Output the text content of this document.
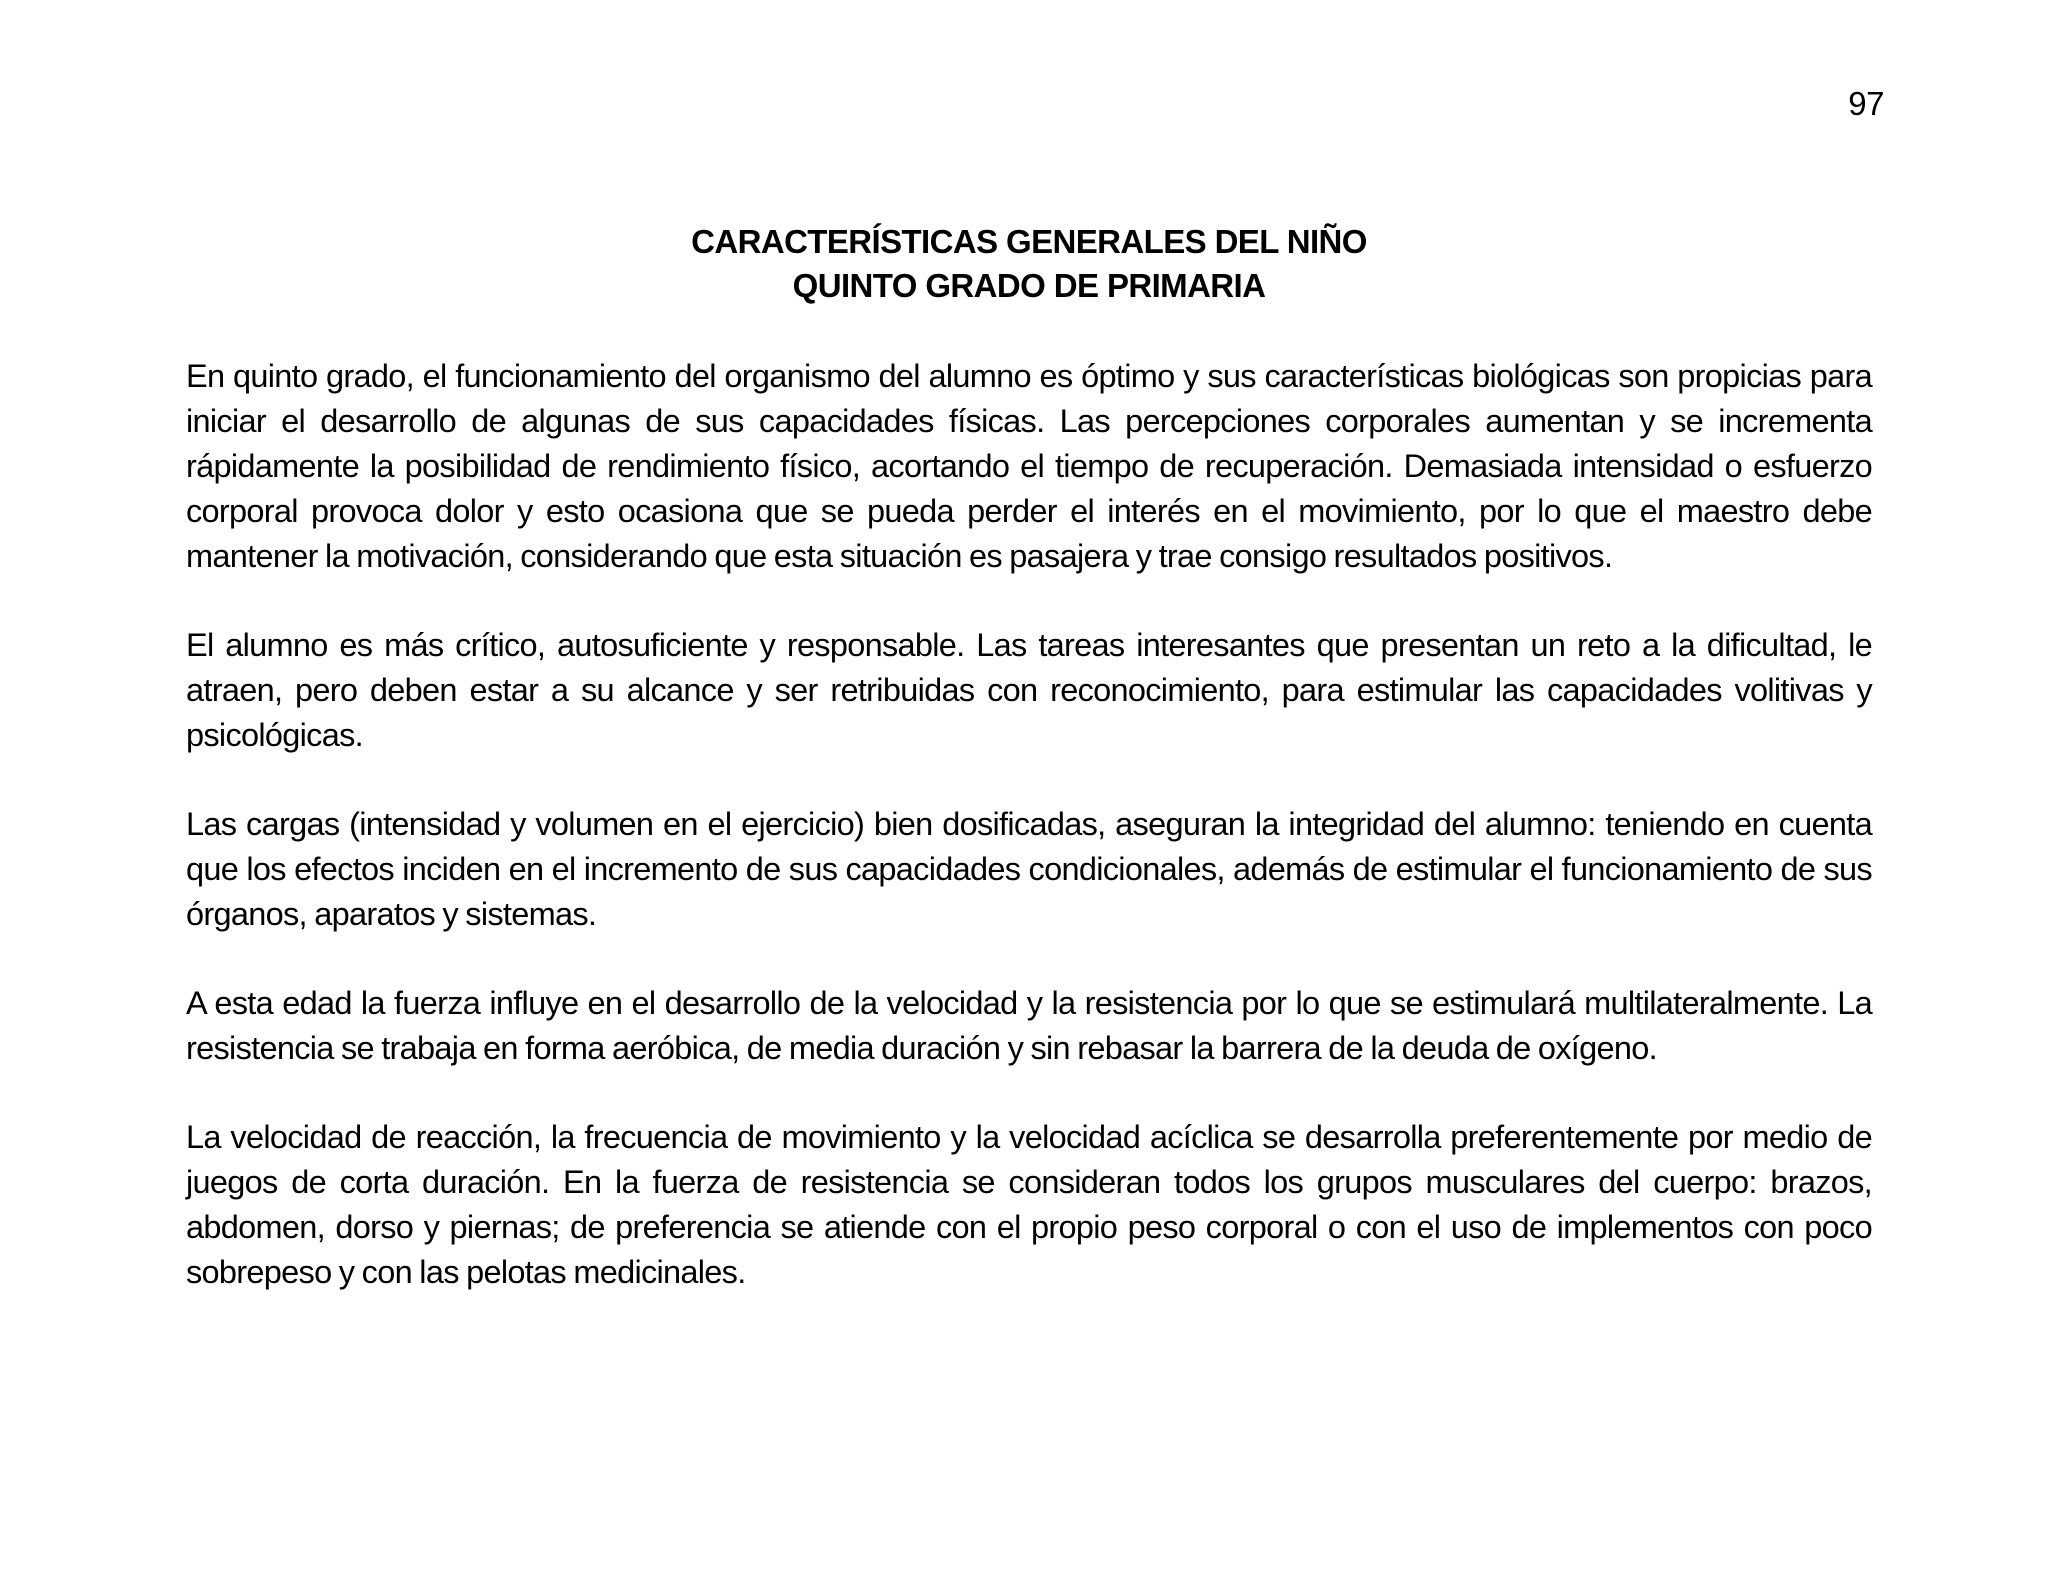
97
CARACTERÍSTICAS GENERALES DEL NIÑO
QUINTO GRADO DE PRIMARIA

En quinto grado, el funcionamiento del organismo del alumno es óptimo y sus características biológicas son propicias para iniciar el desarrollo de algunas de sus capacidades físicas. Las percepciones corporales aumentan y se incrementa rápidamente la posibilidad de rendimiento físico, acortando el tiempo de recuperación. Demasiada intensidad o esfuerzo corporal provoca dolor y esto ocasiona que se pueda perder el interés en el movimiento, por lo que el maestro debe mantener la motivación, considerando que esta situación es pasajera y trae consigo resultados positivos.

El alumno es más crítico, autosuficiente y responsable. Las tareas interesantes que presentan un reto a la dificultad, le atraen, pero deben estar a su alcance y ser retribuidas con reconocimiento, para estimular las capacidades volitivas y psicológicas.

Las cargas (intensidad y volumen en el ejercicio) bien dosificadas, aseguran la integridad del alumno: teniendo en cuenta que los efectos inciden en el incremento de sus capacidades condicionales, además de estimular el funcionamiento de sus órganos, aparatos y sistemas.

A esta edad la fuerza influye en el desarrollo de la velocidad y la resistencia por lo que se estimulará multilateralmente. La resistencia se trabaja en forma aeróbica, de media duración y sin rebasar la barrera de la deuda de oxígeno.

La velocidad de reacción, la frecuencia de movimiento y la velocidad acíclica se desarrolla preferentemente por medio de juegos de corta duración. En la fuerza de resistencia se consideran todos los grupos musculares del cuerpo: brazos, abdomen, dorso y piernas; de preferencia se atiende con el propio peso corporal o con el uso de implementos con poco sobrepeso y con las pelotas medicinales.
